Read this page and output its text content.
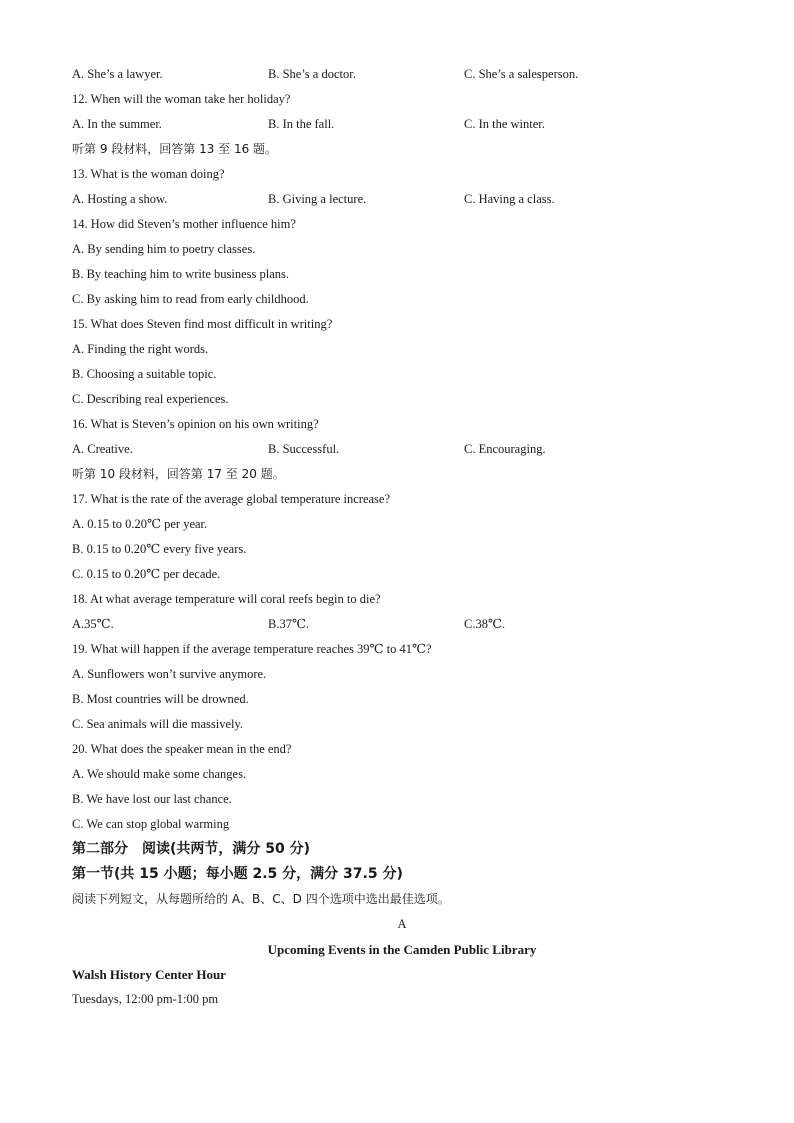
A. She’s a lawyer.	B. She’s a doctor.	C. She’s a salesperson.
12. When will the woman take her holiday?
A. In the summer.	B. In the fall.	C. In the winter.
听第 9 段材料，回答第 13 至 16 题。
13. What is the woman doing?
A. Hosting a show.	B. Giving a lecture.	C. Having a class.
14. How did Steven’s mother influence him?
A. By sending him to poetry classes.
B. By teaching him to write business plans.
C. By asking him to read from early childhood.
15. What does Steven find most difficult in writing?
A. Finding the right words.
B. Choosing a suitable topic.
C. Describing real experiences.
16. What is Steven’s opinion on his own writing?
A. Creative.	B. Successful.	C. Encouraging.
听第 10 段材料，回答第 17 至 20 题。
17. What is the rate of the average global temperature increase?
A. 0.15 to 0.20℃ per year.
B. 0.15 to 0.20℃ every five years.
C. 0.15 to 0.20℃ per decade.
18. At what average temperature will coral reefs begin to die?
A.35℃.	B.37℃.	C.38℃.
19. What will happen if the average temperature reaches 39℃ to 41℃?
A. Sunflowers won’t survive anymore.
B. Most countries will be drowned.
C. Sea animals will die massively.
20. What does the speaker mean in the end?
A. We should make some changes.
B. We have lost our last chance.
C. We can stop global warming
第二部分　阅读(共两节，满分 50 分)
第一节(共 15 小题；每小题 2.5 分，满分 37.5 分)
阅读下列短文，从每题所给的 A、B、C、D 四个选项中选出最佳选项。
A
Upcoming Events in the Camden Public Library
Walsh History Center Hour
Tuesdays, 12:00 pm-1:00 pm
